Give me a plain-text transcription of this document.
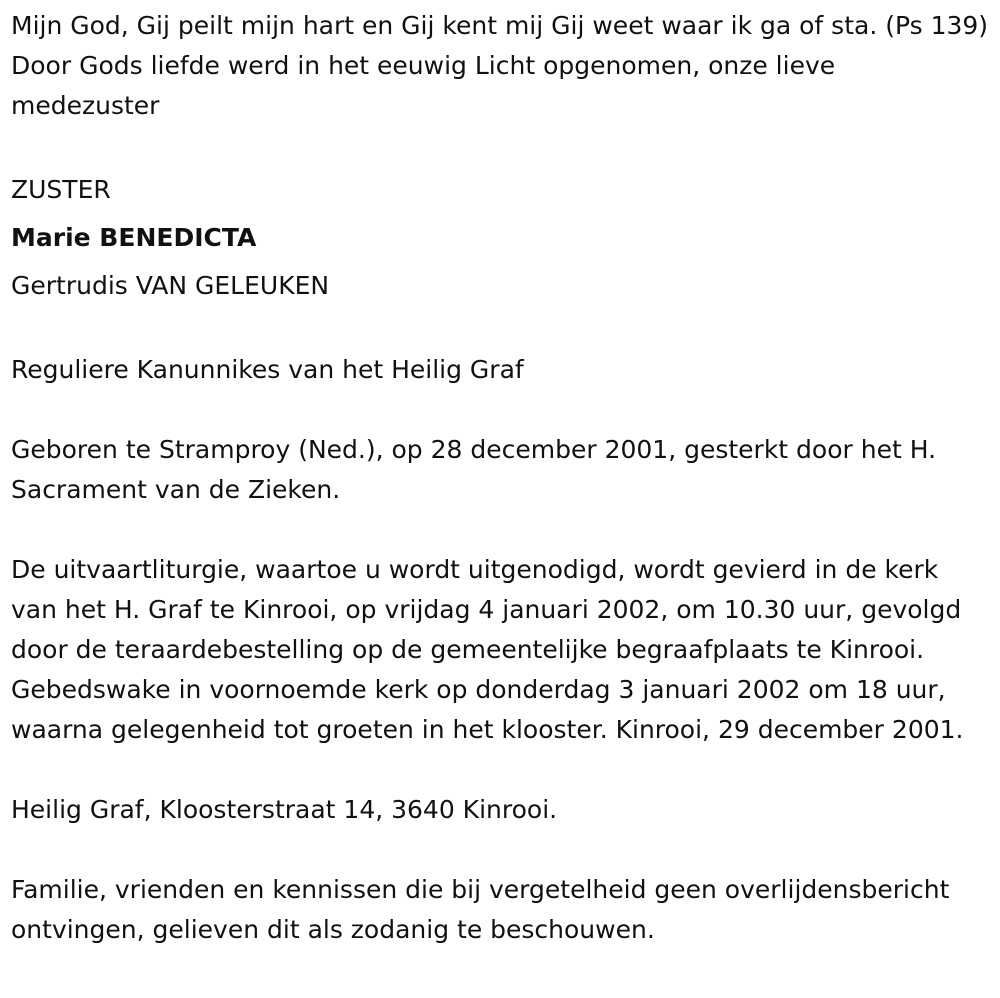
Mijn God, Gij peilt mijn hart en Gij kent mij Gij weet waar ik ga of sta. (Ps 139) Door Gods liefde werd in het eeuwig Licht opgenomen, onze lieve medezuster

ZUSTER

Marie BENEDICTA

Gertrudis VAN GELEUKEN

Reguliere Kanunnikes van het Heilig Graf

Geboren te Stramproy (Ned.), op 28 december 2001, gesterkt door het H. Sacrament van de Zieken.

De uitvaartliturgie, waartoe u wordt uitgenodigd, wordt gevierd in de kerk van het H. Graf te Kinrooi, op vrijdag 4 januari 2002, om 10.30 uur, gevolgd door de teraardebestelling op de gemeentelijke begraafplaats te Kinrooi. Gebedswake in voornoemde kerk op donderdag 3 januari 2002 om 18 uur, waarna gelegenheid tot groeten in het klooster. Kinrooi, 29 december 2001.

Heilig Graf, Kloosterstraat 14, 3640 Kinrooi.

Familie, vrienden en kennissen die bij vergetelheid geen overlijdensbericht ontvingen, gelieven dit als zodanig te beschouwen.
